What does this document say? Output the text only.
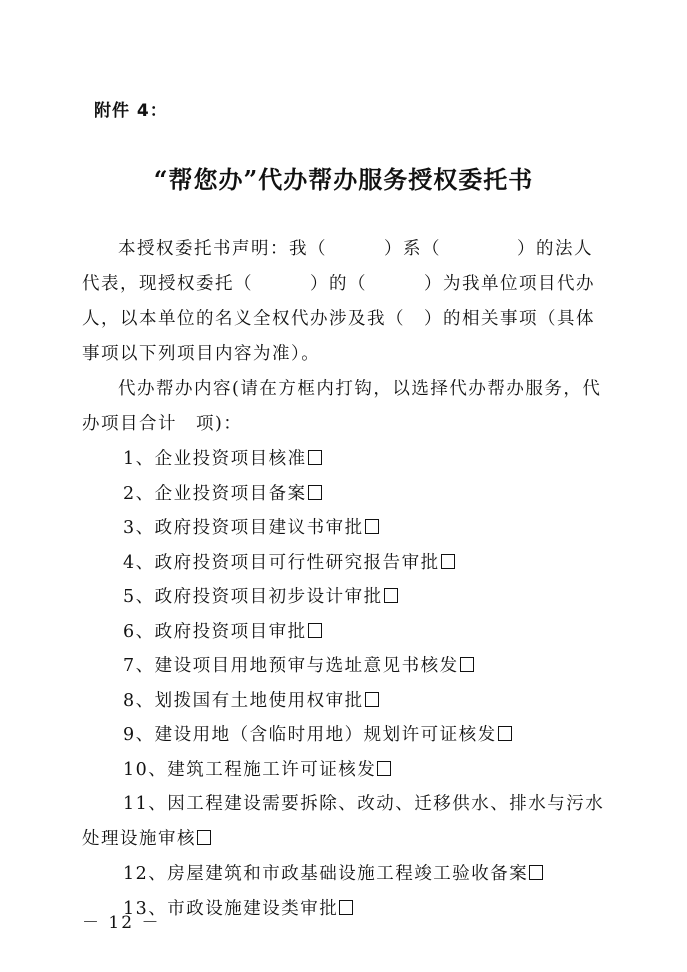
附件 4：
“帮您办”代办帮办服务授权委托书

本授权委托书声明：我（　　　）系（　　　　）的法人代表，现授权委托（　　　）的（　　　）为我单位项目代办人，以本单位的名义全权代办涉及我（　）的相关事项（具体事项以下列项目内容为准）。

代办帮办内容(请在方框内打钩，以选择代办帮办服务，代办项目合计　项)：

1、企业投资项目核准
2、企业投资项目备案
3、政府投资项目建议书审批
4、政府投资项目可行性研究报告审批
5、政府投资项目初步设计审批
6、政府投资项目审批
7、建设项目用地预审与选址意见书核发
8、划拨国有土地使用权审批
9、建设用地（含临时用地）规划许可证核发
10、建筑工程施工许可证核发
11、因工程建设需要拆除、改动、迁移供水、排水与污水处理设施审核
12、房屋建筑和市政基础设施工程竣工验收备案
13、市政设施建设类审批
－ 12 －
